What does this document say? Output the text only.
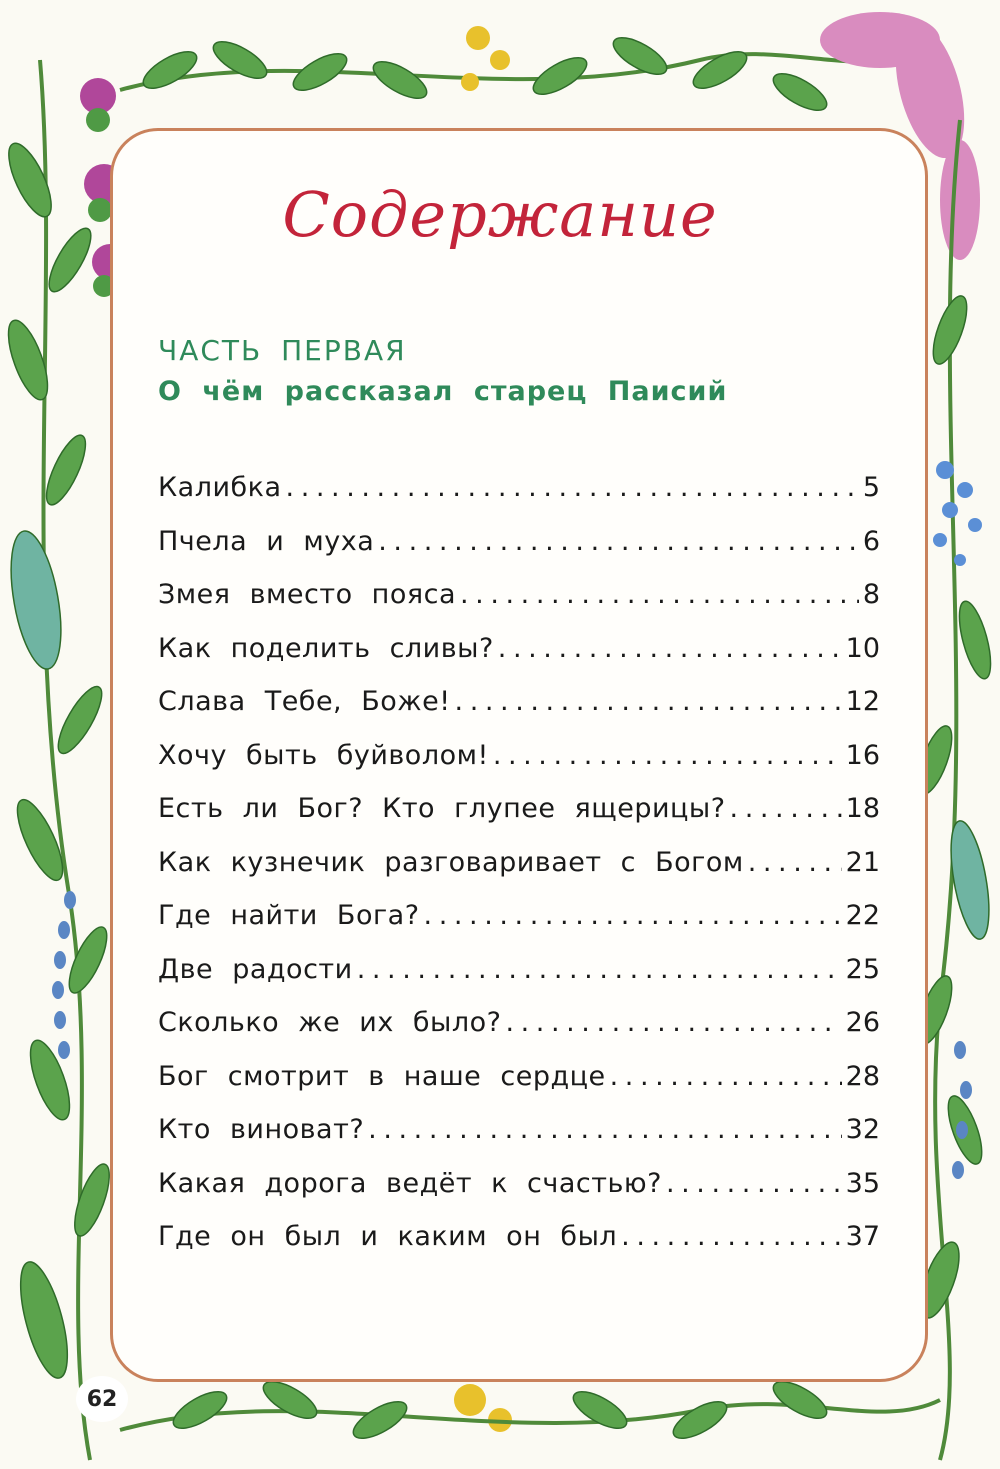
Содержание
ЧАСТЬ ПЕРВАЯ
О чём рассказал старец Паисий
Калибка . . .	5
Пчела и муха . . .	6
Змея вместо пояса . . .	8
Как поделить сливы? . . .	10
Слава Тебе, Боже! . . .	12
Хочу быть буйволом! . . .	16
Есть ли Бог? Кто глупее ящерицы? . . .	18
Как кузнечик разговаривает с Богом . . .	21
Где найти Бога? . . .	22
Две радости . . .	25
Сколько же их было? . . .	26
Бог смотрит в наше сердце . . .	28
Кто виноват? . . .	32
Какая дорога ведёт к счастью? . . .	35
Где он был и каким он был . . .	37
62
